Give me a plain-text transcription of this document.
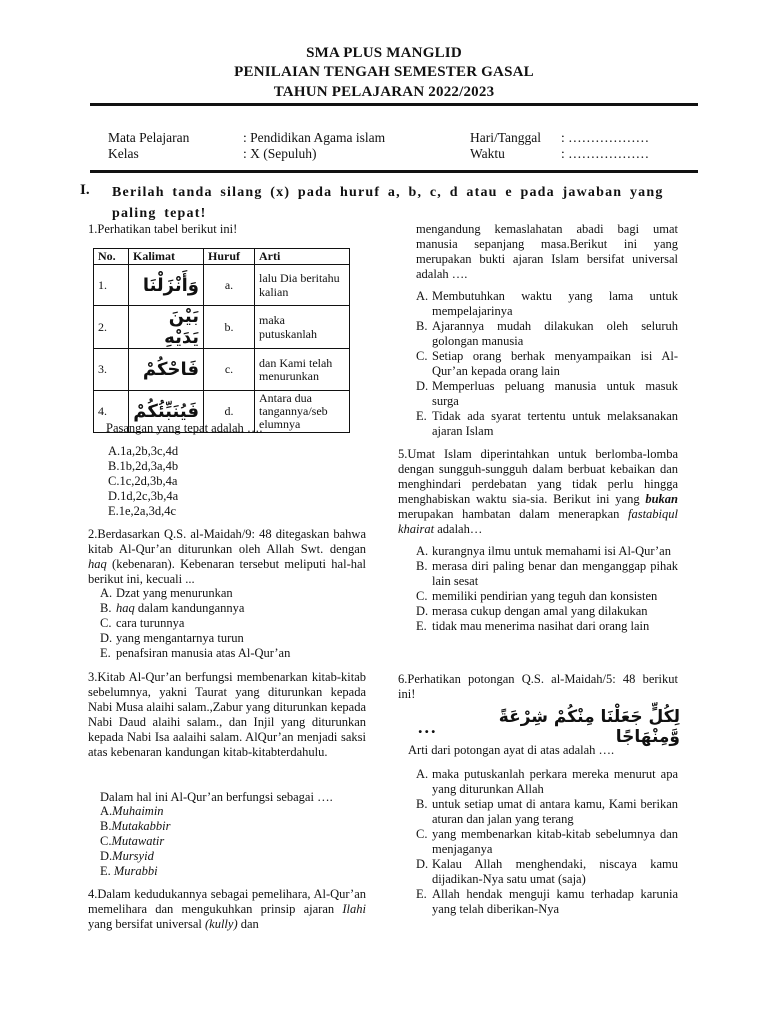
SMA PLUS MANGLID
PENILAIAN TENGAH SEMESTER GASAL
TAHUN PELAJARAN 2022/2023
Mata Pelajaran	: Pendidikan Agama islam	Hari/Tanggal : ………………
Kelas	: X (Sepuluh)	Waktu	: ………………
I. Berilah tanda silang (x) pada huruf a, b, c, d atau e pada jawaban yang paling tepat!
1.Perhatikan tabel berikut ini!
No.	Kalimat	Huruf	Arti
1.	وَأَنْزَلْنَا	a.	lalu Dia beritahu kalian
2.	بَيْنَ يَدَيْهِ	b.	maka putuskanlah
3.	فَاحْكُمْ	c.	dan Kami telah menurunkan
4.	فَيُنَبِّئُكُمْ	d.	Antara dua tangannya/seb elumnya
Pasangan yang tepat adalah ….
A.1a,2b,3c,4d
B.1b,2d,3a,4b
C.1c,2d,3b,4a
D.1d,2c,3b,4a
E.1e,2a,3d,4c
2.Berdasarkan Q.S. al-Maidah/9: 48 ditegaskan bahwa kitab Al-Qur’an diturunkan oleh Allah Swt. dengan haq (kebenaran). Kebenaran tersebut meliputi hal-hal berikut ini, kecuali ...
A. Dzat yang menurunkan
B. haq dalam kandungannya
C. cara turunnya
D. yang mengantarnya turun
E. penafsiran manusia atas Al-Qur’an
3.Kitab Al-Qur’an berfungsi membenarkan kitab-kitab sebelumnya, yakni Taurat yang diturunkan kepada Nabi Musa alaihi salam.,Zabur yang diturunkan kepada Nabi Daud alaihi salam., dan Injil yang diturunkan kepada Nabi Isa aalaihi salam. AlQur’an menjadi saksi atas kebenaran kandungan kitab-kitabterdahulu.
Dalam hal ini Al-Qur’an berfungsi sebagai ….
A.Muhaimin
B.Mutakabbir
C.Mutawatir
D.Mursyid
E. Murabbi
4.Dalam kedudukannya sebagai pemelihara, Al-Qur’an memelihara dan mengukuhkan prinsip ajaran Ilahi yang bersifat universal (kully) dan
mengandung kemaslahatan abadi bagi umat manusia sepanjang masa.Berikut ini yang merupakan bukti ajaran Islam bersifat universal adalah ….
A. Membutuhkan waktu yang lama untuk mempelajarinya
B. Ajarannya mudah dilakukan oleh seluruh golongan manusia
C. Setiap orang berhak menyampaikan isi Al-Qur’an kepada orang lain
D. Memperluas peluang manusia untuk masuk surga
E. Tidak ada syarat tertentu untuk melaksanakan ajaran Islam
5.Umat Islam diperintahkan untuk berlomba-lomba dengan sungguh-sungguh dalam berbuat kebaikan dan menghindari perdebatan yang tidak perlu hingga menghabiskan waktu sia-sia. Berikut ini yang bukan merupakan hambatan dalam menerapkan fastabiqul khairat adalah…
A. kurangnya ilmu untuk memahami isi Al-Qur’an
B. merasa diri paling benar dan menganggap pihak lain sesat
C. memiliki pendirian yang teguh dan konsisten
D. merasa cukup dengan amal yang dilakukan
E. tidak mau menerima nasihat dari orang lain
6.Perhatikan potongan Q.S. al-Maidah/5: 48 berikut ini!
...	لِكُلٍّ جَعَلْنَا مِنْكُمْ شِرْعَةً وَّمِنْهَاجًا
Arti dari potongan ayat di atas adalah ….
A. maka putuskanlah perkara mereka menurut apa yang diturunkan Allah
B. untuk setiap umat di antara kamu, Kami berikan aturan dan jalan yang terang
C. yang membenarkan kitab-kitab sebelumnya dan menjaganya
D. Kalau Allah menghendaki, niscaya kamu dijadikan-Nya satu umat (saja)
E. Allah hendak menguji kamu terhadap karunia yang telah diberikan-Nya
